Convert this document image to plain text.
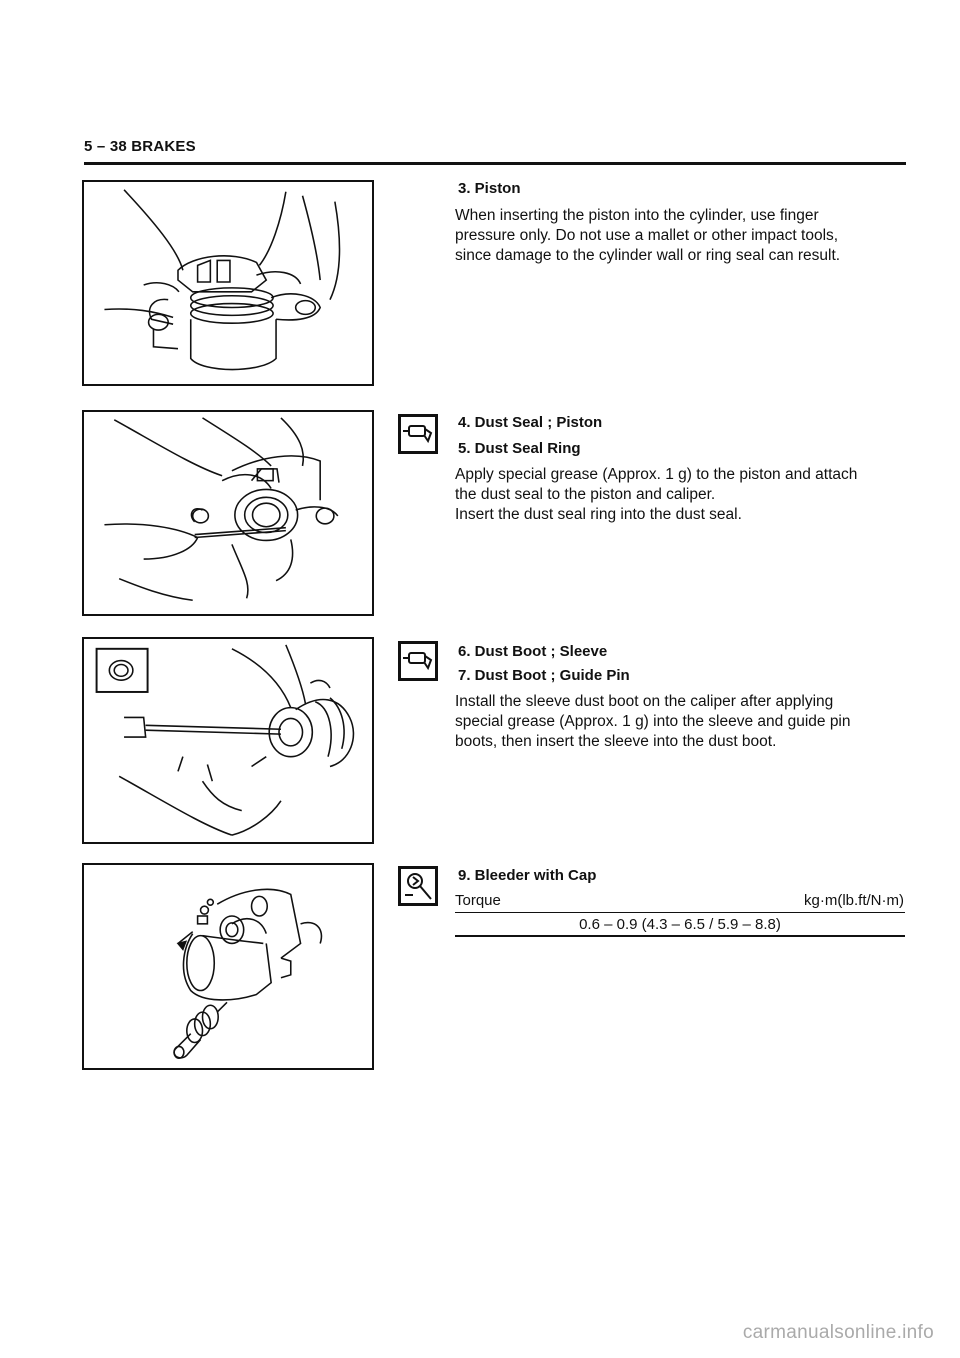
5 – 38 BRAKES
3. Piston
When inserting the piston into the cylinder, use finger
pressure only. Do not use a mallet or other impact tools,
since damage to the cylinder wall or ring seal can result.
4. Dust Seal ; Piston
5. Dust Seal Ring
Apply special grease (Approx. 1 g) to the piston and attach
the dust seal to the piston and caliper.
Insert the dust seal ring into the dust seal.
6. Dust Boot ; Sleeve
7. Dust Boot ; Guide Pin
Install the sleeve dust boot on the caliper after applying
special grease (Approx. 1 g) into the sleeve and guide pin
boots, then insert the sleeve into the dust boot.
9. Bleeder with Cap
Torque	kg·m(lb.ft/N·m)
0.6 – 0.9 (4.3 – 6.5 / 5.9 – 8.8)
carmanualsonline.info
